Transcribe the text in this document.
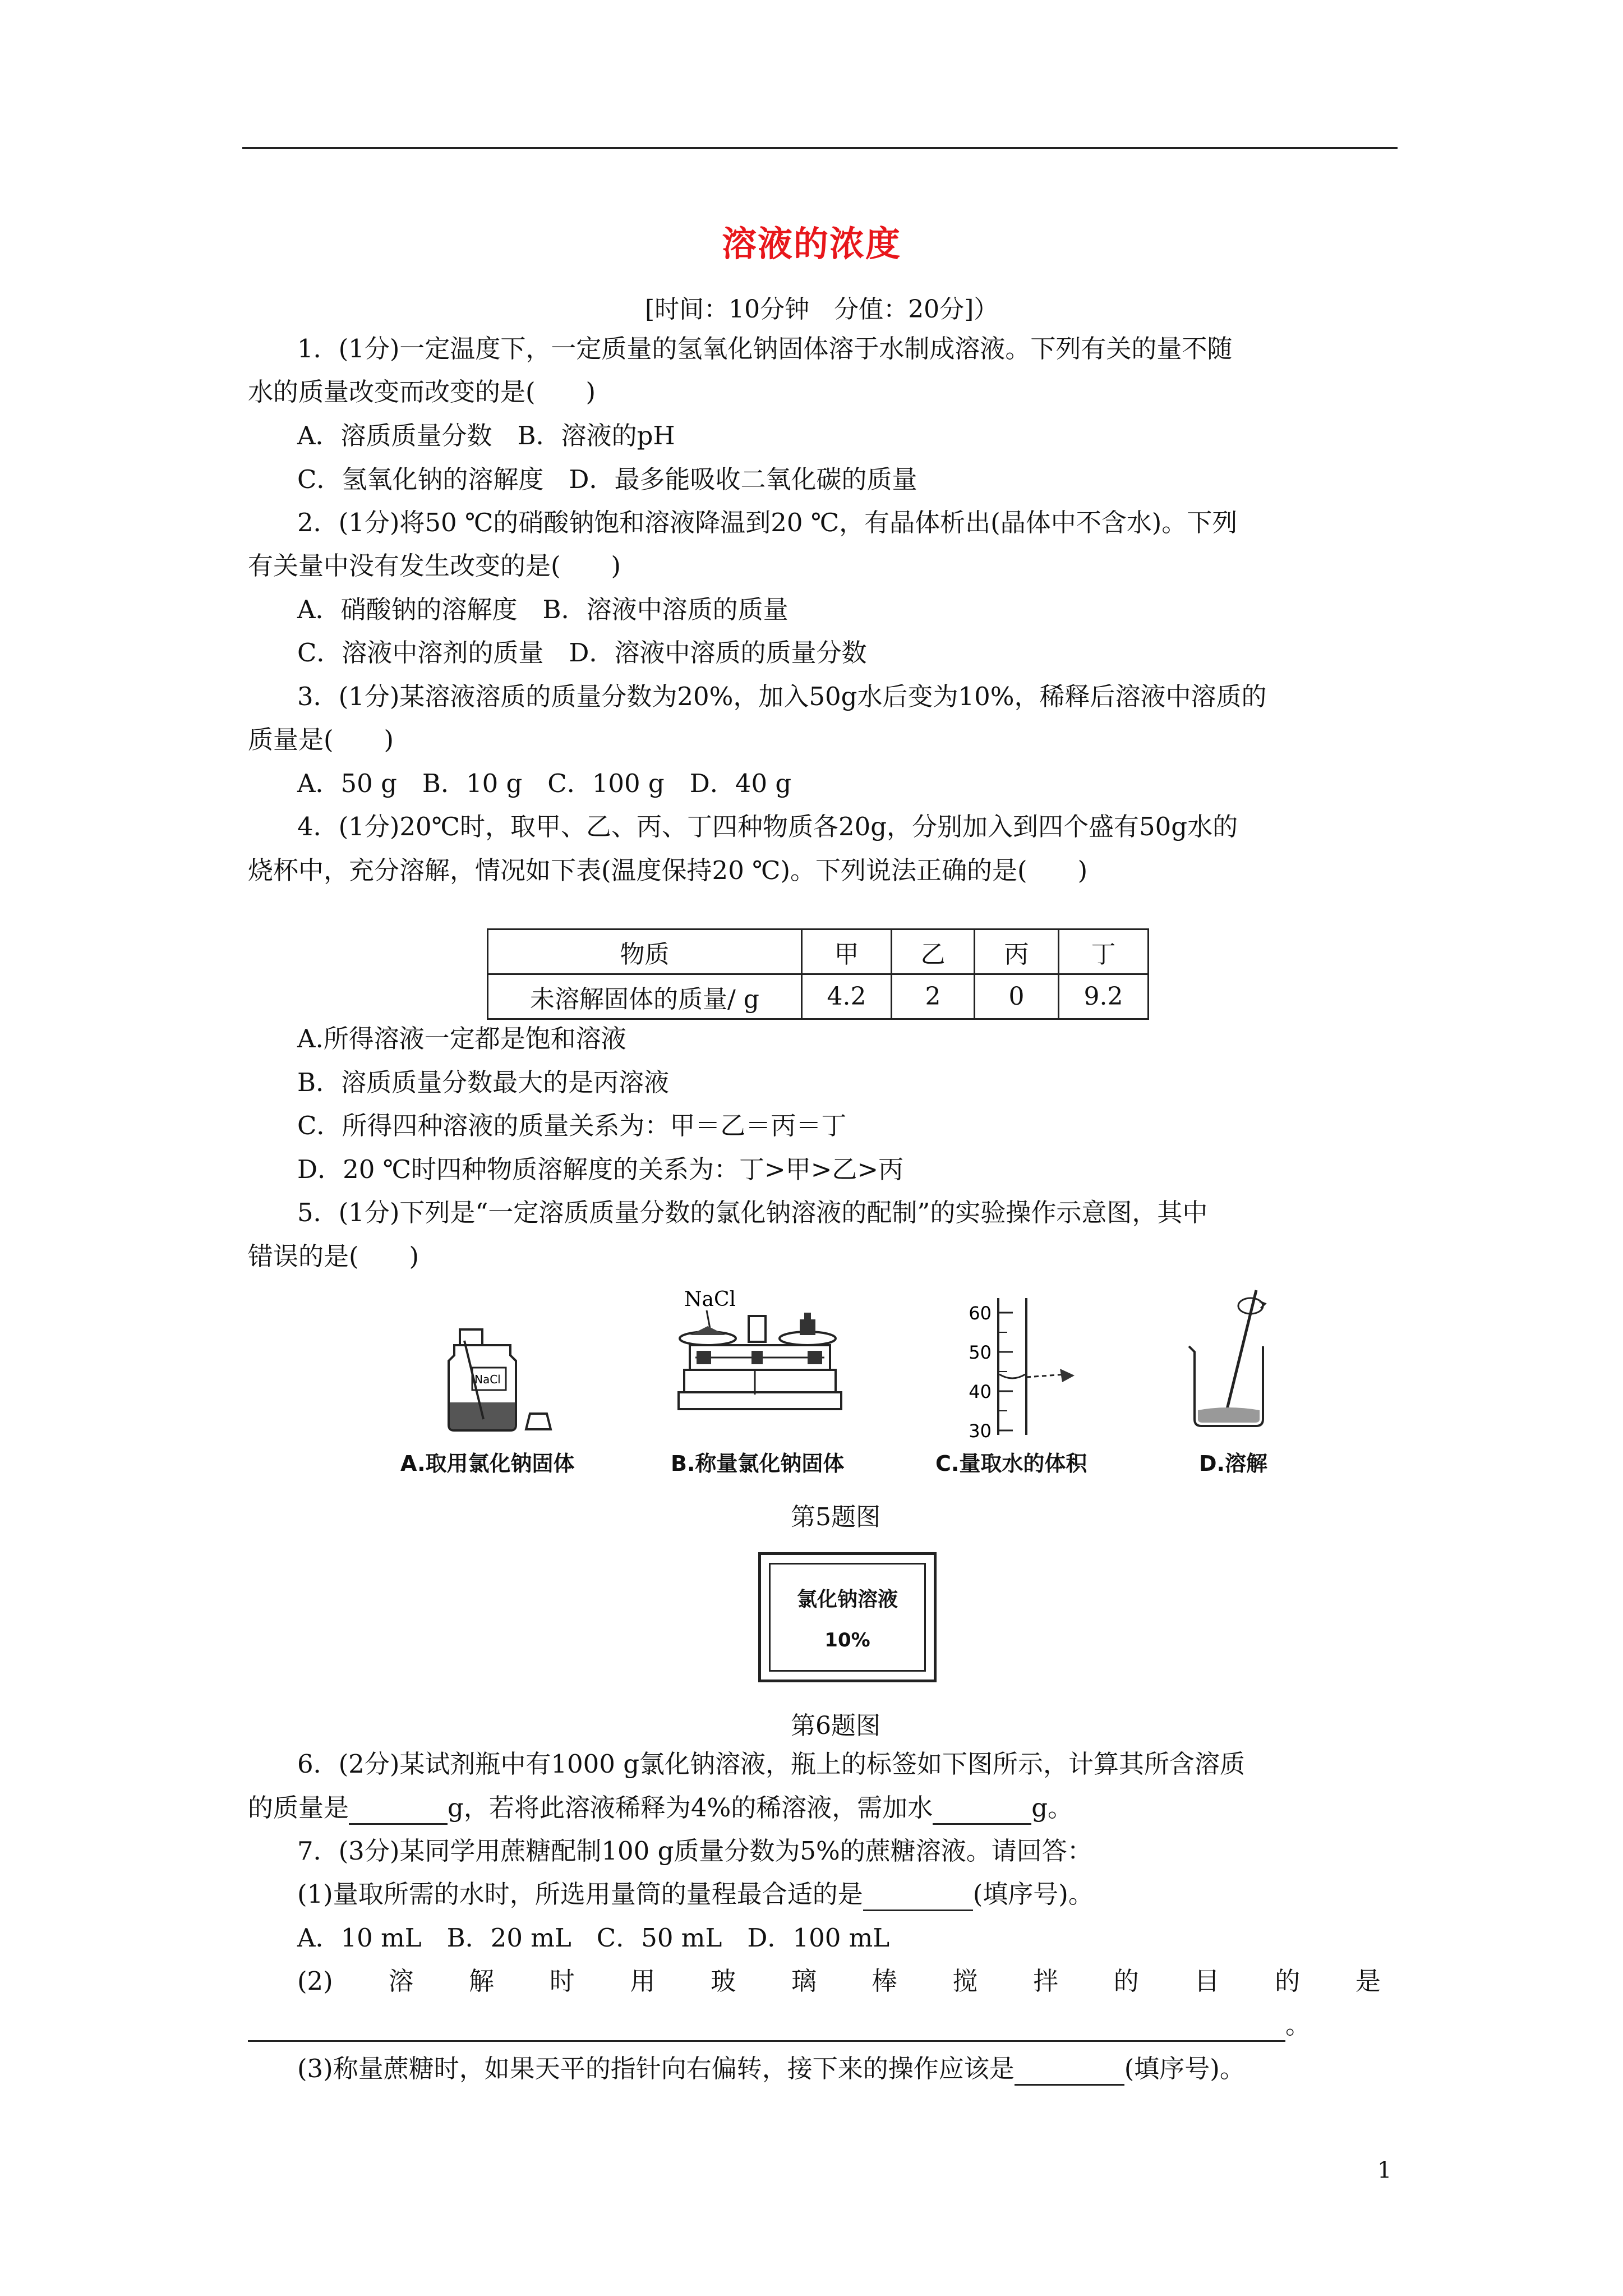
溶液的浓度
[时间：10分钟　分值：20分]）
1．(1分)一定温度下，一定质量的氢氧化钠固体溶于水制成溶液。下列有关的量不随
水的质量改变而改变的是(　　)
A．溶质质量分数　B．溶液的pH
C．氢氧化钠的溶解度　D．最多能吸收二氧化碳的质量
2．(1分)将50 ℃的硝酸钠饱和溶液降温到20 ℃，有晶体析出(晶体中不含水)。下列
有关量中没有发生改变的是(　　)
A．硝酸钠的溶解度　B．溶液中溶质的质量
C．溶液中溶剂的质量　D．溶液中溶质的质量分数
3．(1分)某溶液溶质的质量分数为20%，加入50g水后变为10%，稀释后溶液中溶质的
质量是(　　)
A．50 g　B．10 g　C．100 g　D．40 g
4．(1分)20℃时，取甲、乙、丙、丁四种物质各20g，分别加入到四个盛有50g水的
烧杯中，充分溶解，情况如下表(温度保持20 ℃)。下列说法正确的是(　　)
物质	甲	乙	丙	丁
未溶解固体的质量/ g	4.2	2	0	9.2
A.所得溶液一定都是饱和溶液
B．溶质质量分数最大的是丙溶液
C．所得四种溶液的质量关系为：甲＝乙＝丙＝丁
D．20 ℃时四种物质溶解度的关系为：丁>甲>乙>丙
5．(1分)下列是“一定溶质质量分数的氯化钠溶液的配制”的实验操作示意图，其中
错误的是(　　)
NaCl
NaCl
60
50
40
30
A.取用氯化钠固体	B.称量氯化钠固体	C.量取水的体积	D.溶解
第5题图
氯化钠溶液
10%
第6题图
6．(2分)某试剂瓶中有1000 g氯化钠溶液，瓶上的标签如下图所示，计算其所含溶质
的质量是	g，若将此溶液稀释为4%的稀溶液，需加水	g。
7．(3分)某同学用蔗糖配制100 g质量分数为5%的蔗糖溶液。请回答：
(1)量取所需的水时，所选用量筒的量程最合适的是	(填序号)。
A．10 mL　B．20 mL　C．50 mL　D．100 mL
(2) 溶 解 时 用 玻 璃 棒 搅 拌 的 目 的 是
。
(3)称量蔗糖时，如果天平的指针向右偏转，接下来的操作应该是	(填序号)。
1
